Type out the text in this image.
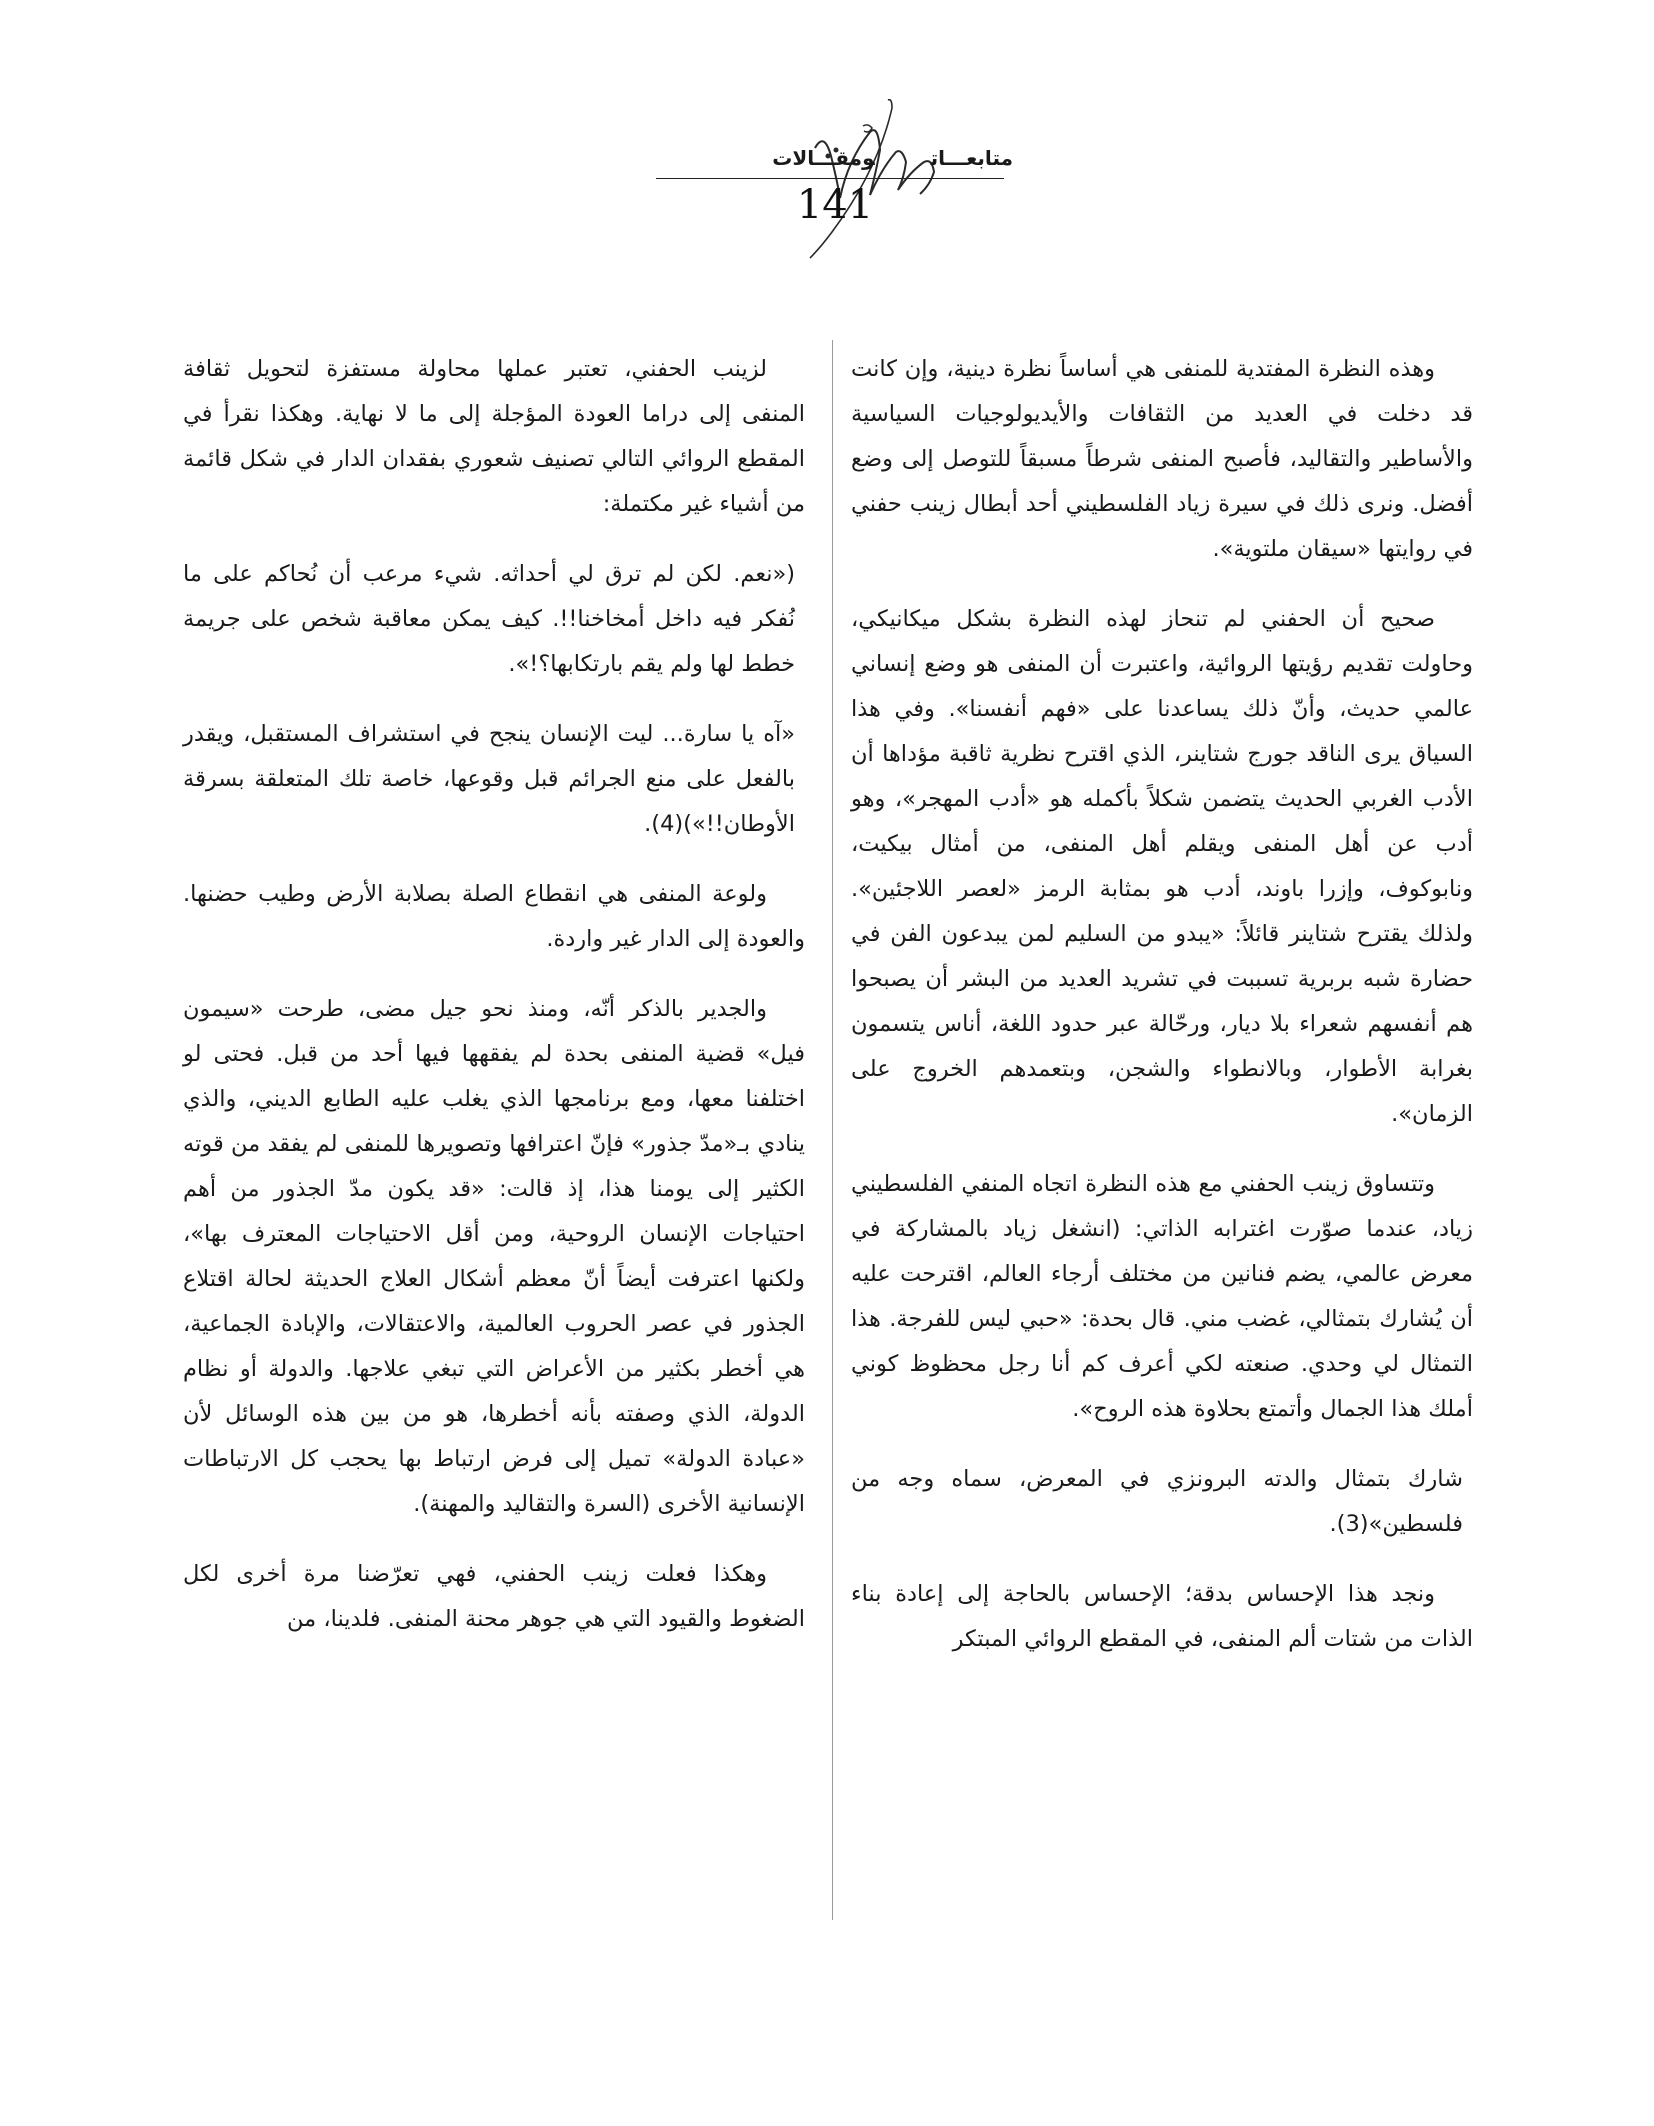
متابعـــاتومقـــالات
141

وهذه النظرة المفتدية للمنفى هي أساساً نظرة دينية، وإن كانت قد دخلت في العديد من الثقافات والأيديولوجيات السياسية والأساطير والتقاليد، فأصبح المنفى شرطاً مسبقاً للتوصل إلى وضع أفضل. ونرى ذلك في سيرة زياد الفلسطيني أحد أبطال زينب حفني في روايتها «سيقان ملتوية».

صحيح أن الحفني لم تنحاز لهذه النظرة بشكل ميكانيكي، وحاولت تقديم رؤيتها الروائية، واعتبرت أن المنفى هو وضع إنساني عالمي حديث، وأنّ ذلك يساعدنا على «فهم أنفسنا». وفي هذا السياق يرى الناقد جورج شتاينر، الذي اقترح نظرية ثاقبة مؤداها أن الأدب الغربي الحديث يتضمن شكلاً بأكمله هو «أدب المهجر»، وهو أدب عن أهل المنفى ويقلم أهل المنفى، من أمثال بيكيت، ونابوكوف، وإزرا باوند، أدب هو بمثابة الرمز «لعصر اللاجئين». ولذلك يقترح شتاينر قائلاً: «يبدو من السليم لمن يبدعون الفن في حضارة شبه بربرية تسببت في تشريد العديد من البشر أن يصبحوا هم أنفسهم شعراء بلا ديار، ورحّالة عبر حدود اللغة، أناس يتسمون بغرابة الأطوار، وبالانطواء والشجن، وبتعمدهم الخروج على الزمان».

وتتساوق زينب الحفني مع هذه النظرة اتجاه المنفي الفلسطيني زياد، عندما صوّرت اغترابه الذاتي: (انشغل زياد بالمشاركة في معرض عالمي، يضم فنانين من مختلف أرجاء العالم، اقترحت عليه أن يُشارك بتمثالي، غضب مني. قال بحدة: «حبي ليس للفرجة. هذا التمثال لي وحدي. صنعته لكي أعرف كم أنا رجل محظوظ كوني أملك هذا الجمال وأتمتع بحلاوة هذه الروح».

شارك بتمثال والدته البرونزي في المعرض، سماه وجه من فلسطين»(3).

ونجد هذا الإحساس بدقة؛ الإحساس بالحاجة إلى إعادة بناء الذات من شتات ألم المنفى، في المقطع الروائي المبتكر

لزينب الحفني، تعتبر عملها محاولة مستفزة لتحويل ثقافة المنفى إلى دراما العودة المؤجلة إلى ما لا نهاية. وهكذا نقرأ في المقطع الروائي التالي تصنيف شعوري بفقدان الدار في شكل قائمة من أشياء غير مكتملة:

(«نعم. لكن لم ترق لي أحداثه. شيء مرعب أن نُحاكم على ما نُفكر فيه داخل أمخاخنا!!. كيف يمكن معاقبة شخص على جريمة خطط لها ولم يقم بارتكابها؟!».

«آه يا سارة... ليت الإنسان ينجح في استشراف المستقبل، ويقدر بالفعل على منع الجرائم قبل وقوعها، خاصة تلك المتعلقة بسرقة الأوطان!!»)(4).

ولوعة المنفى هي انقطاع الصلة بصلابة الأرض وطيب حضنها. والعودة إلى الدار غير واردة.

والجدير بالذكر أنّه، ومنذ نحو جيل مضى، طرحت «سيمون فيل» قضية المنفى بحدة لم يفقهها فيها أحد من قبل. فحتى لو اختلفنا معها، ومع برنامجها الذي يغلب عليه الطابع الديني، والذي ينادي بـ«مدّ جذور» فإنّ اعترافها وتصويرها للمنفى لم يفقد من قوته الكثير إلى يومنا هذا، إذ قالت: «قد يكون مدّ الجذور من أهم احتياجات الإنسان الروحية، ومن أقل الاحتياجات المعترف بها»، ولكنها اعترفت أيضاً أنّ معظم أشكال العلاج الحديثة لحالة اقتلاع الجذور في عصر الحروب العالمية، والاعتقالات، والإبادة الجماعية، هي أخطر بكثير من الأعراض التي تبغي علاجها. والدولة أو نظام الدولة، الذي وصفته بأنه أخطرها، هو من بين هذه الوسائل لأن «عبادة الدولة» تميل إلى فرض ارتباط بها يحجب كل الارتباطات الإنسانية الأخرى (السرة والتقاليد والمهنة).

وهكذا فعلت زينب الحفني، فهي تعرّضنا مرة أخرى لكل الضغوط والقيود التي هي جوهر محنة المنفى. فلدينا، من
